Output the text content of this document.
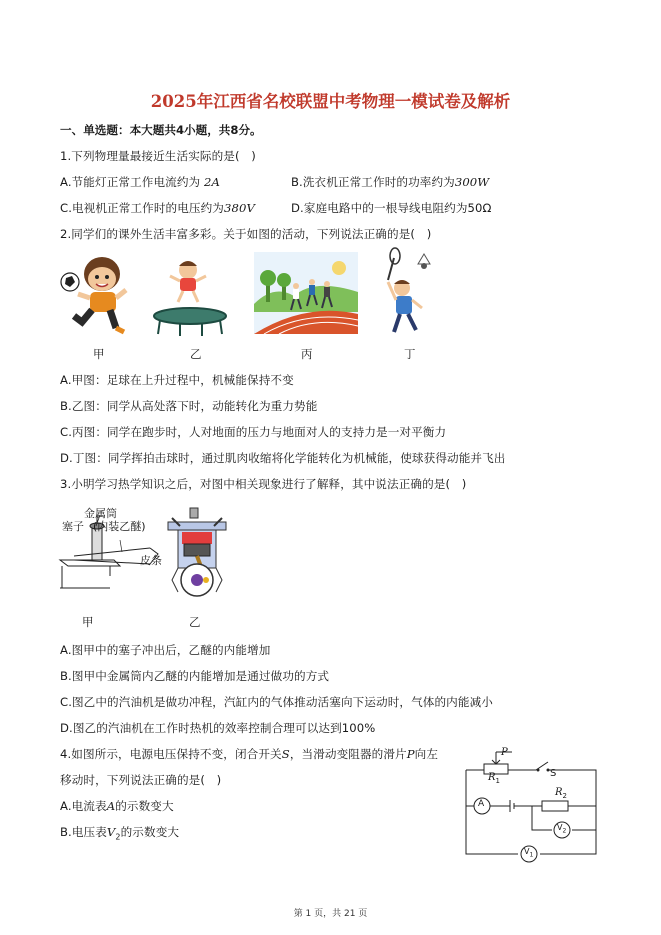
2025年江西省名校联盟中考物理一模试卷及解析
一、单选题：本大题共4小题，共8分。
1.下列物理量最接近生活实际的是(　)
A.节能灯正常工作电流约为 2A	B.洗衣机正常工作时的功率约为300W
C.电视机正常工作时的电压约为380V	D.家庭电路中的一根导线电阻约为50Ω
2.同学们的课外生活丰富多彩。关于如图的活动，下列说法正确的是(　)
甲	乙	丙	丁
A.甲图：足球在上升过程中，机械能保持不变
B.乙图：同学从高处落下时，动能转化为重力势能
C.丙图：同学在跑步时，人对地面的压力与地面对人的支持力是一对平衡力
D.丁图：同学挥拍击球时，通过肌肉收缩将化学能转化为机械能，使球获得动能并飞出
3.小明学习热学知识之后，对图中相关现象进行了解释，其中说法正确的是(　)
金属筒
(内装乙醚)
塞子
皮条
甲	乙
A.图甲中的塞子冲出后，乙醚的内能增加
B.图甲中金属筒内乙醚的内能增加是通过做功的方式
C.图乙中的汽油机是做功冲程，汽缸内的气体推动活塞向下运动时，气体的内能减小
D.图乙的汽油机在工作时热机的效率控制合理可以达到100%
4.如图所示，电源电压保持不变，闭合开关S，当滑动变阻器的滑片P向左
移动时，下列说法正确的是(　)
A.电流表A的示数变大
B.电压表$V_2$的示数变大
P
$R_1$
S
$R_2$
A
$V_2$
$V_1$
第 1 页，共 21 页
